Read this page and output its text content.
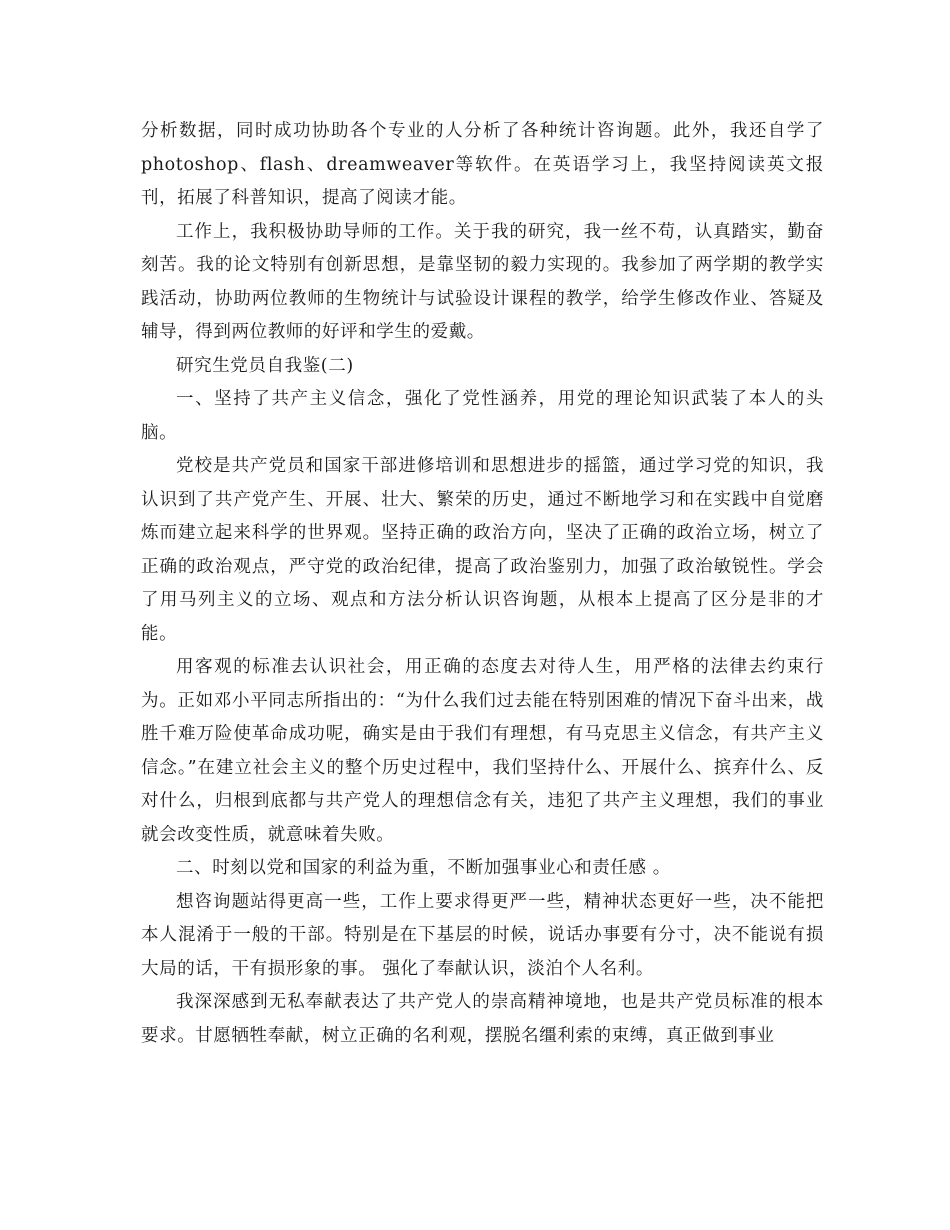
分析数据，同时成功协助各个专业的人分析了各种统计咨询题。此外，我还自学了photoshop、flash、dreamweaver等软件。在英语学习上，我坚持阅读英文报刊，拓展了科普知识，提高了阅读才能。

工作上，我积极协助导师的工作。关于我的研究，我一丝不苟，认真踏实，勤奋刻苦。我的论文特别有创新思想，是靠坚韧的毅力实现的。我参加了两学期的教学实践活动，协助两位教师的生物统计与试验设计课程的教学，给学生修改作业、答疑及辅导，得到两位教师的好评和学生的爱戴。

研究生党员自我鉴(二)

一、坚持了共产主义信念，强化了党性涵养，用党的理论知识武装了本人的头脑。

党校是共产党员和国家干部进修培训和思想进步的摇篮，通过学习党的知识，我认识到了共产党产生、开展、壮大、繁荣的历史，通过不断地学习和在实践中自觉磨炼而建立起来科学的世界观。坚持正确的政治方向，坚决了正确的政治立场，树立了正确的政治观点，严守党的政治纪律，提高了政治鉴别力，加强了政治敏锐性。学会了用马列主义的立场、观点和方法分析认识咨询题，从根本上提高了区分是非的才能。

用客观的标准去认识社会，用正确的态度去对待人生，用严格的法律去约束行为。正如邓小平同志所指出的：“为什么我们过去能在特别困难的情况下奋斗出来，战胜千难万险使革命成功呢，确实是由于我们有理想，有马克思主义信念，有共产主义信念。”在建立社会主义的整个历史过程中，我们坚持什么、开展什么、摈弃什么、反对什么，归根到底都与共产党人的理想信念有关，违犯了共产主义理想，我们的事业就会改变性质，就意味着失败。

二、时刻以党和国家的利益为重，不断加强事业心和责任感 。

想咨询题站得更高一些，工作上要求得更严一些，精神状态更好一些，决不能把本人混淆于一般的干部。特别是在下基层的时候，说话办事要有分寸，决不能说有损大局的话，干有损形象的事。 强化了奉献认识，淡泊个人名利。

我深深感到无私奉献表达了共产党人的崇高精神境地，也是共产党员标准的根本要求。甘愿牺牲奉献，树立正确的名利观，摆脱名缰利索的束缚，真正做到事业
